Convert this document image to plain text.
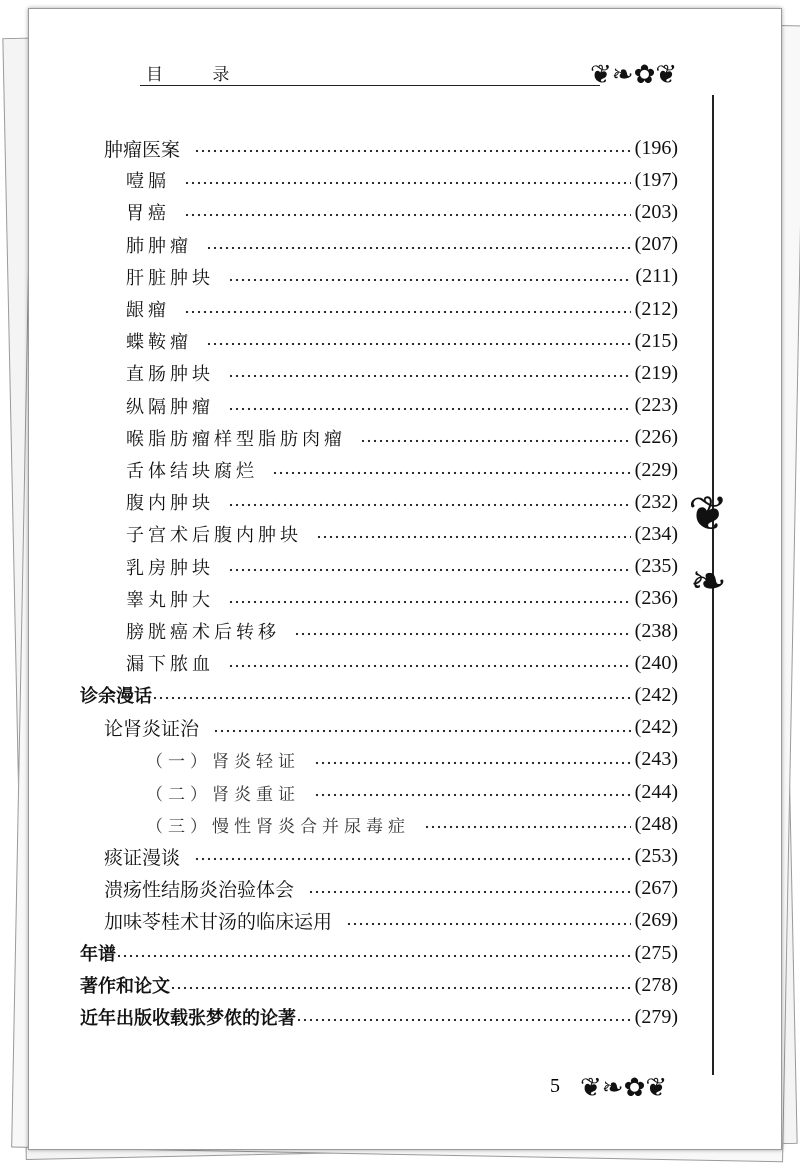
目 录	❦❧✿❦
❦
❧
❦❧✿❦
肿瘤医案	(196)
噎膈	(197)
胃癌	(203)
肺肿瘤	(207)
肝脏肿块	(211)
龈瘤	(212)
蝶鞍瘤	(215)
直肠肿块	(219)
纵隔肿瘤	(223)
喉脂肪瘤样型脂肪肉瘤	(226)
舌体结块腐烂	(229)
腹内肿块	(232)
子宫术后腹内肿块	(234)
乳房肿块	(235)
睾丸肿大	(236)
膀胱癌术后转移	(238)
漏下脓血	(240)
诊余漫话	(242)
论肾炎证治	(242)
（一）肾炎轻证	(243)
（二）肾炎重证	(244)
（三）慢性肾炎合并尿毒症	(248)
痰证漫谈	(253)
溃疡性结肠炎治验体会	(267)
加味苓桂术甘汤的临床运用	(269)
年谱	(275)
著作和论文	(278)
近年出版收载张梦侬的论著	(279)
5
